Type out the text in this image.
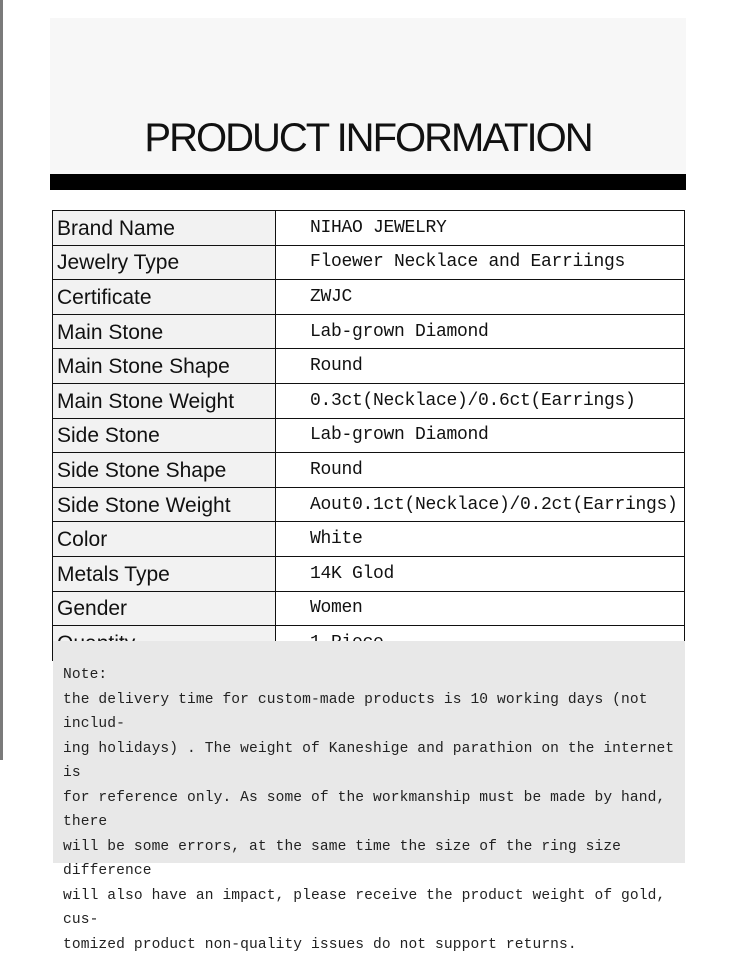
PRODUCT INFORMATION
Brand Name	NIHAO JEWELRY
Jewelry Type	Floewer Necklace and Earriings
Certificate	ZWJC
Main Stone	Lab-grown Diamond
Main Stone Shape	Round
Main Stone Weight	0.3ct(Necklace)/0.6ct(Earrings)
Side Stone	Lab-grown Diamond
Side Stone Shape	Round
Side Stone Weight	Aout0.1ct(Necklace)/0.2ct(Earrings)
Color	White
Metals Type	14K Glod
Gender	Women

Note:
the delivery time for custom-made products is 10 working days (not includ-
ing holidays) . The weight of Kaneshige and parathion on the internet is
for reference only. As some of the workmanship must be made by hand, there
will be some errors, at the same time the size of the ring size difference
will also have an impact, please receive the product weight of gold, cus-
tomized product non-quality issues do not support returns.
